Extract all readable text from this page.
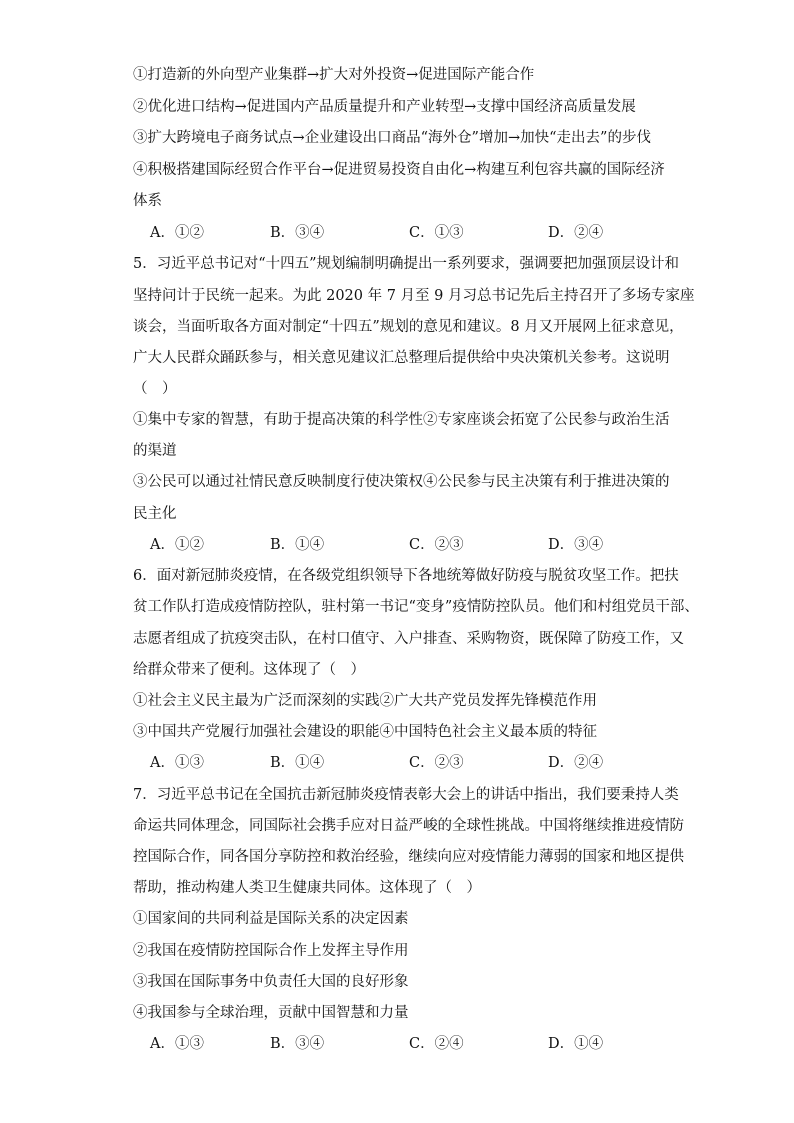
①打造新的外向型产业集群→扩大对外投资→促进国际产能合作
②优化进口结构→促进国内产品质量提升和产业转型→支撑中国经济高质量发展
③扩大跨境电子商务试点→企业建设出口商品“海外仓”增加→加快“走出去”的步伐
④积极搭建国际经贸合作平台→促进贸易投资自由化→构建互利包容共赢的国际经济
体系
A．①②	B．③④	C．①③	D．②④
5．习近平总书记对“十四五”规划编制明确提出一系列要求，强调要把加强顶层设计和
坚持问计于民统一起来。为此 2020 年 7 月至 9 月习总书记先后主持召开了多场专家座
谈会，当面听取各方面对制定“十四五”规划的意见和建议。8 月又开展网上征求意见，
广大人民群众踊跃参与，相关意见建议汇总整理后提供给中央决策机关参考。这说明
（　）
①集中专家的智慧，有助于提高决策的科学性②专家座谈会拓宽了公民参与政治生活
的渠道
③公民可以通过社情民意反映制度行使决策权④公民参与民主决策有利于推进决策的
民主化
A．①②	B．①④	C．②③	D．③④
6．面对新冠肺炎疫情，在各级党组织领导下各地统筹做好防疫与脱贫攻坚工作。把扶
贫工作队打造成疫情防控队，驻村第一书记“变身”疫情防控队员。他们和村组党员干部、
志愿者组成了抗疫突击队，在村口值守、入户排查、采购物资，既保障了防疫工作，又
给群众带来了便利。这体现了（　）
①社会主义民主最为广泛而深刻的实践②广大共产党员发挥先锋模范作用
③中国共产党履行加强社会建设的职能④中国特色社会主义最本质的特征
A．①③	B．①④	C．②③	D．②④
7．习近平总书记在全国抗击新冠肺炎疫情表彰大会上的讲话中指出，我们要秉持人类
命运共同体理念，同国际社会携手应对日益严峻的全球性挑战。中国将继续推进疫情防
控国际合作，同各国分享防控和救治经验，继续向应对疫情能力薄弱的国家和地区提供
帮助，推动构建人类卫生健康共同体。这体现了（　）
①国家间的共同利益是国际关系的决定因素
②我国在疫情防控国际合作上发挥主导作用
③我国在国际事务中负责任大国的良好形象
④我国参与全球治理，贡献中国智慧和力量
A．①③	B．③④	C．②④	D．①④
